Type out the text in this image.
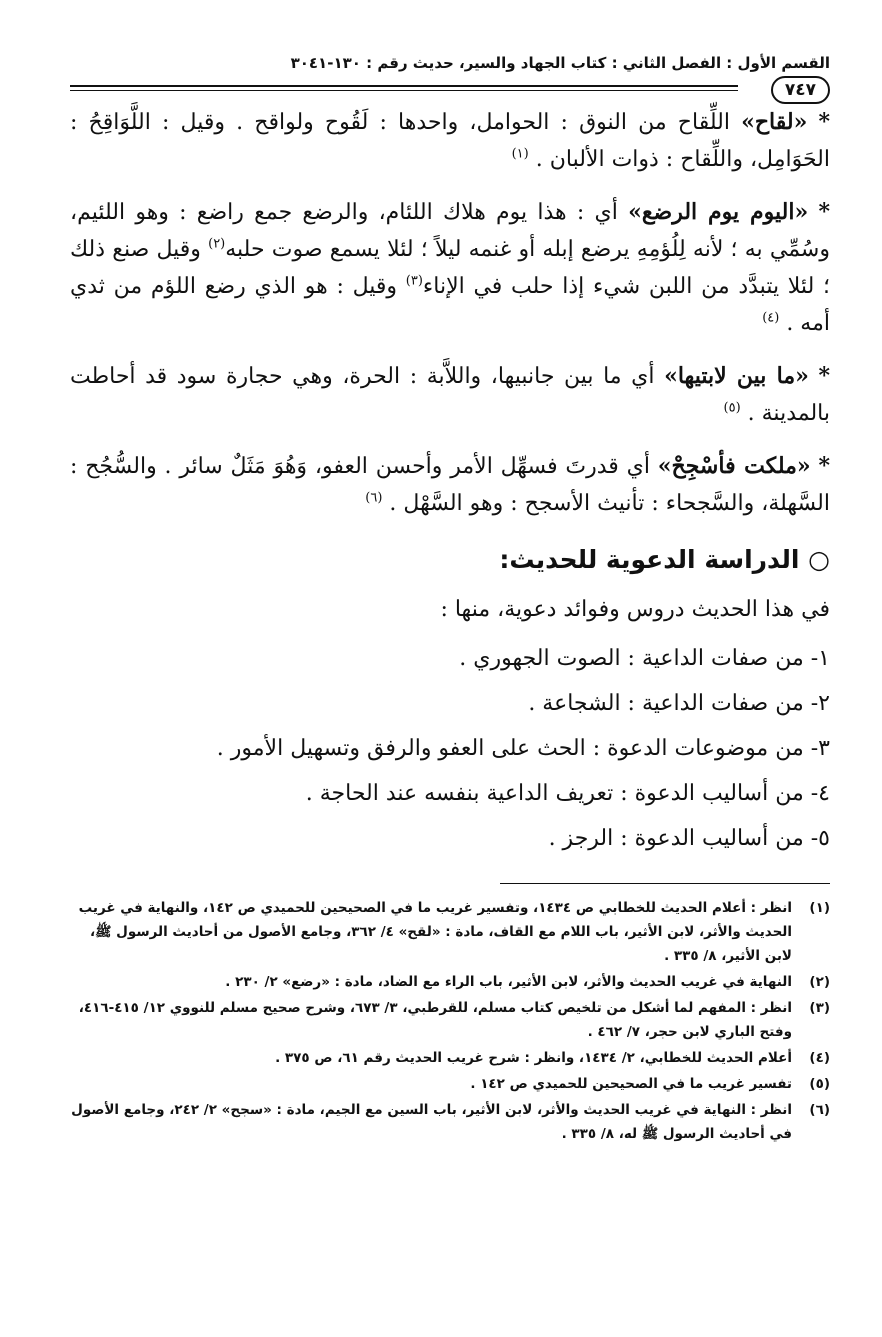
القسم الأول : الفصل الثاني : كتاب الجهاد والسير، حديث رقم : ١٣٠-٣٠٤١
٧٤٧

* «لقاح» اللِّقاح من النوق : الحوامل، واحدها : لَقُوح ولواقح . وقيل : اللَّوَاقِحُ : الحَوَامِل، واللِّقاح : ذوات الألبان . $^{(١)}$

* «اليوم يوم الرضع» أي : هذا يوم هلاك اللئام، والرضع جمع راضع : وهو اللئيم، وسُمِّي به ؛ لأنه لِلُؤمِهِ يرضع إبله أو غنمه ليلاً ؛ لئلا يسمع صوت حلبه$^{(٢)}$ وقيل صنع ذلك ؛ لئلا يتبدَّد من اللبن شيء إذا حلب في الإناء$^{(٣)}$ وقيل : هو الذي رضع اللؤم من ثدي أمه . $^{(٤)}$

* «ما بين لابتيها» أي ما بين جانبيها، واللاَّبة : الحرة، وهي حجارة سود قد أحاطت بالمدينة . $^{(٥)}$

* «ملكت فأسْجِحْ» أي قدرتَ فسهِّل الأمر وأحسن العفو، وَهُوَ مَثَلٌ سائر . والسُّجُح : السَّهلة، والسَّجحاء : تأنيث الأسجح : وهو السَّهْل . $^{(٦)}$

○ الدراسة الدعوية للحديث:

في هذا الحديث دروس وفوائد دعوية، منها :

١- من صفات الداعية : الصوت الجهوري .
٢- من صفات الداعية : الشجاعة .
٣- من موضوعات الدعوة : الحث على العفو والرفق وتسهيل الأمور .
٤- من أساليب الدعوة : تعريف الداعية بنفسه عند الحاجة .
٥- من أساليب الدعوة : الرجز .
(١)
انظر : أعلام الحديث للخطابي ص ١٤٣٤، وتفسير غريب ما في الصحيحين للحميدي ص ١٤٢، والنهاية في غريب الحديث والأثر، لابن الأثير، باب اللام مع القاف، مادة : «لقح» ٤/ ٣٦٢، وجامع الأصول من أحاديث الرسول ﷺ، لابن الأثير، ٨/ ٣٣٥ .
(٢)
النهاية في غريب الحديث والأثر، لابن الأثير، باب الراء مع الضاد، مادة : «رضع» ٢/ ٢٣٠ .
(٣)
انظر : المفهم لما أشكل من تلخيص كتاب مسلم، للقرطبي، ٣/ ٦٧٣، وشرح صحيح مسلم للنووي ١٢/ ٤١٥-٤١٦، وفتح الباري لابن حجر، ٧/ ٤٦٢ .
(٤)
أعلام الحديث للخطابي، ٢/ ١٤٣٤، وانظر : شرح غريب الحديث رقم ٦١، ص ٣٧٥ .
(٥)
تفسير غريب ما في الصحيحين للحميدي ص ١٤٢ .
(٦)
انظر : النهاية في غريب الحديث والأثر، لابن الأثير، باب السين مع الجيم، مادة : «سجح» ٢/ ٢٤٢، وجامع الأصول في أحاديث الرسول ﷺ له، ٨/ ٣٣٥ .
